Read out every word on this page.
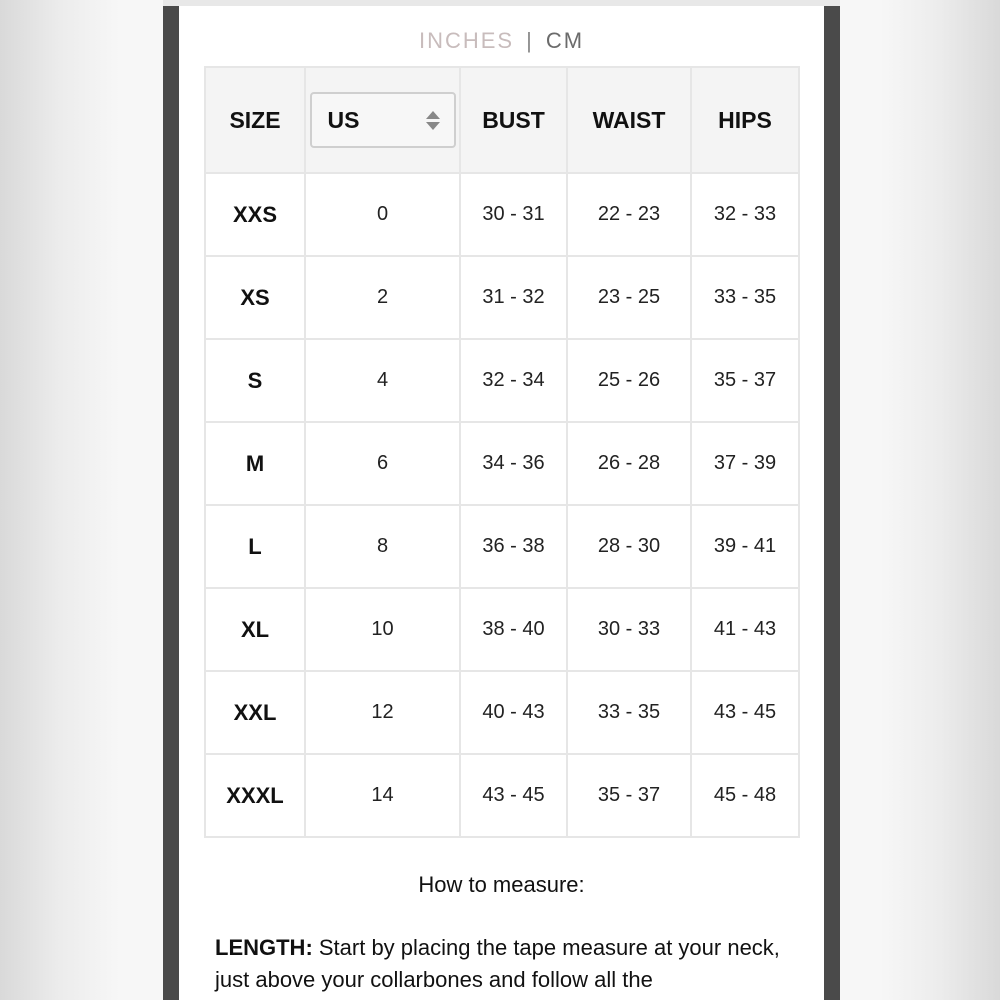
INCHES | CM
SIZE	US	BUST	WAIST	HIPS
XXS	0	30 - 31	22 - 23	32 - 33
XS	2	31 - 32	23 - 25	33 - 35
S	4	32 - 34	25 - 26	35 - 37
M	6	34 - 36	26 - 28	37 - 39
L	8	36 - 38	28 - 30	39 - 41
XL	10	38 - 40	30 - 33	41 - 43
XXL	12	40 - 43	33 - 35	43 - 45
XXXL	14	43 - 45	35 - 37	45 - 48
How to measure:
LENGTH: Start by placing the tape measure at your neck, just above your collarbones and follow all the
